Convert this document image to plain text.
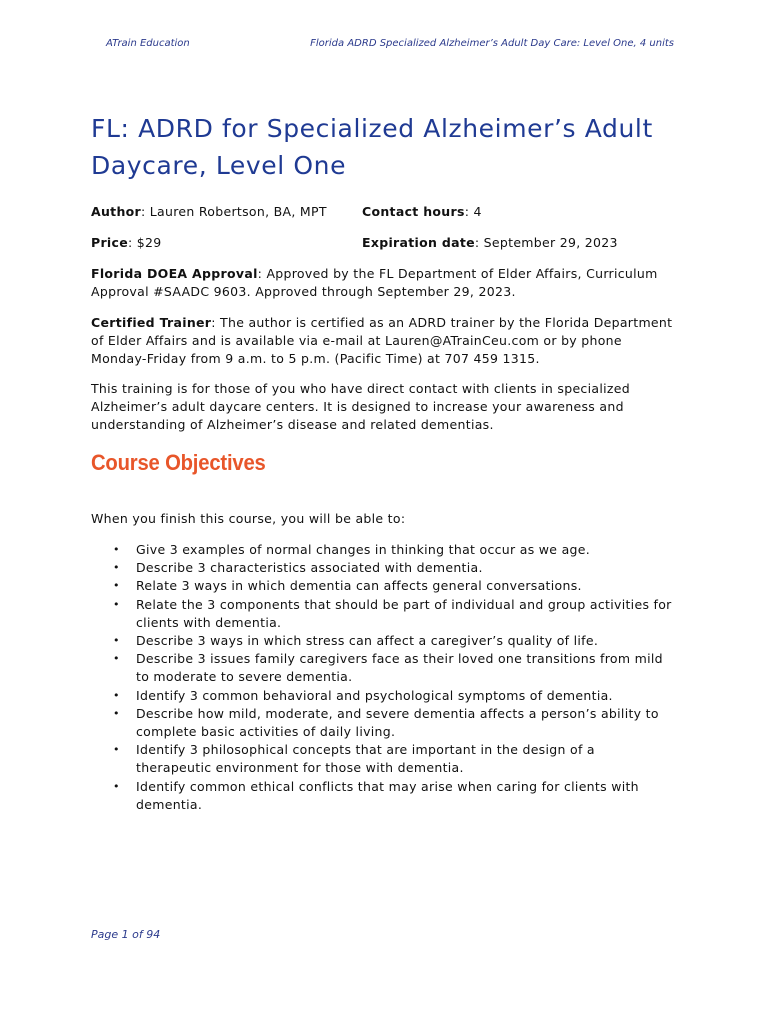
ATrain Education	Florida ADRD Specialized Alzheimer’s Adult Day Care: Level One, 4 units
FL: ADRD for Specialized Alzheimer’s Adult
Daycare, Level One
Author: Lauren Robertson, BA, MPT	Contact hours: 4
Price: $29	Expiration date: September 29, 2023

Florida DOEA Approval: Approved by the FL Department of Elder Affairs, Curriculum Approval #SAADC 9603. Approved through September 29, 2023.

Certified Trainer: The author is certified as an ADRD trainer by the Florida Department of Elder Affairs and is available via e-mail at Lauren@ATrainCeu.com or by phone Monday-Friday from 9 a.m. to 5 p.m. (Pacific Time) at 707 459 1315.

This training is for those of you who have direct contact with clients in specialized Alzheimer’s adult daycare centers. It is designed to increase your awareness and understanding of Alzheimer’s disease and related dementias.

Course Objectives

When you finish this course, you will be able to:

• Give 3 examples of normal changes in thinking that occur as we age.
• Describe 3 characteristics associated with dementia.
• Relate 3 ways in which dementia can affects general conversations.
• Relate the 3 components that should be part of individual and group activities for clients with dementia.
• Describe 3 ways in which stress can affect a caregiver’s quality of life.
• Describe 3 issues family caregivers face as their loved one transitions from mild to moderate to severe dementia.
• Identify 3 common behavioral and psychological symptoms of dementia.
• Describe how mild, moderate, and severe dementia affects a person’s ability to complete basic activities of daily living.
• Identify 3 philosophical concepts that are important in the design of a therapeutic environment for those with dementia.
• Identify common ethical conflicts that may arise when caring for clients with dementia.
Page 1 of 94
